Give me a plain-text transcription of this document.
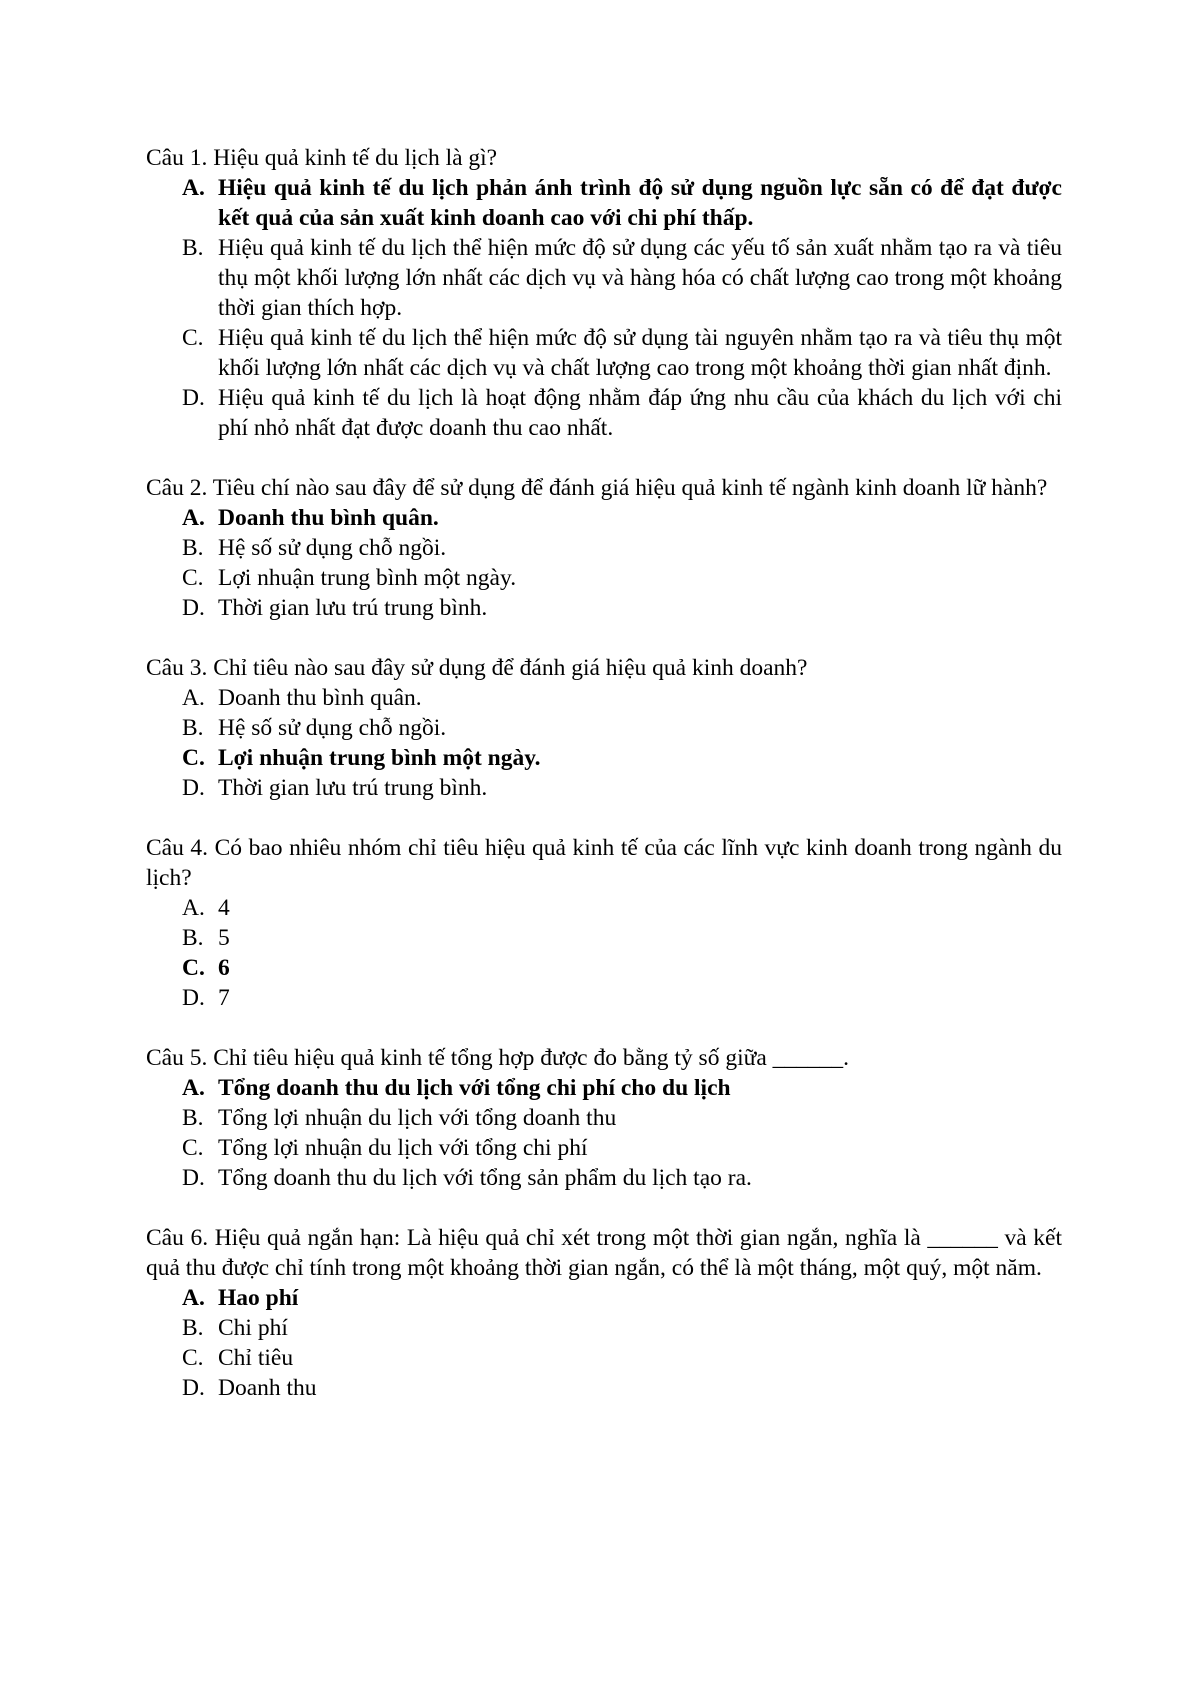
Câu 1. Hiệu quả kinh tế du lịch là gì?
A. Hiệu quả kinh tế du lịch phản ánh trình độ sử dụng nguồn lực sẵn có để đạt được kết quả của sản xuất kinh doanh cao với chi phí thấp.
B. Hiệu quả kinh tế du lịch thể hiện mức độ sử dụng các yếu tố sản xuất nhằm tạo ra và tiêu thụ một khối lượng lớn nhất các dịch vụ và hàng hóa có chất lượng cao trong một khoảng thời gian thích hợp.
C. Hiệu quả kinh tế du lịch thể hiện mức độ sử dụng tài nguyên nhằm tạo ra và tiêu thụ một khối lượng lớn nhất các dịch vụ và chất lượng cao trong một khoảng thời gian nhất định.
D. Hiệu quả kinh tế du lịch là hoạt động nhằm đáp ứng nhu cầu của khách du lịch với chi phí nhỏ nhất đạt được doanh thu cao nhất.
Câu 2. Tiêu chí nào sau đây để sử dụng để đánh giá hiệu quả kinh tế ngành kinh doanh lữ hành?
A. Doanh thu bình quân.
B. Hệ số sử dụng chỗ ngồi.
C. Lợi nhuận trung bình một ngày.
D. Thời gian lưu trú trung bình.
Câu 3. Chỉ tiêu nào sau đây sử dụng để đánh giá hiệu quả kinh doanh?
A. Doanh thu bình quân.
B. Hệ số sử dụng chỗ ngồi.
C. Lợi nhuận trung bình một ngày.
D. Thời gian lưu trú trung bình.
Câu 4. Có bao nhiêu nhóm chỉ tiêu hiệu quả kinh tế của các lĩnh vực kinh doanh trong ngành du lịch?
A. 4
B. 5
C. 6
D. 7
Câu 5. Chỉ tiêu hiệu quả kinh tế tổng hợp được đo bằng tỷ số giữa ______.
A. Tổng doanh thu du lịch với tổng chi phí cho du lịch
B. Tổng lợi nhuận du lịch với tổng doanh thu
C. Tổng lợi nhuận du lịch với tổng chi phí
D. Tổng doanh thu du lịch với tổng sản phẩm du lịch tạo ra.
Câu 6. Hiệu quả ngắn hạn: Là hiệu quả chỉ xét trong một thời gian ngắn, nghĩa là ______ và kết quả thu được chỉ tính trong một khoảng thời gian ngắn, có thể là một tháng, một quý, một năm.
A. Hao phí
B. Chi phí
C. Chỉ tiêu
D. Doanh thu
